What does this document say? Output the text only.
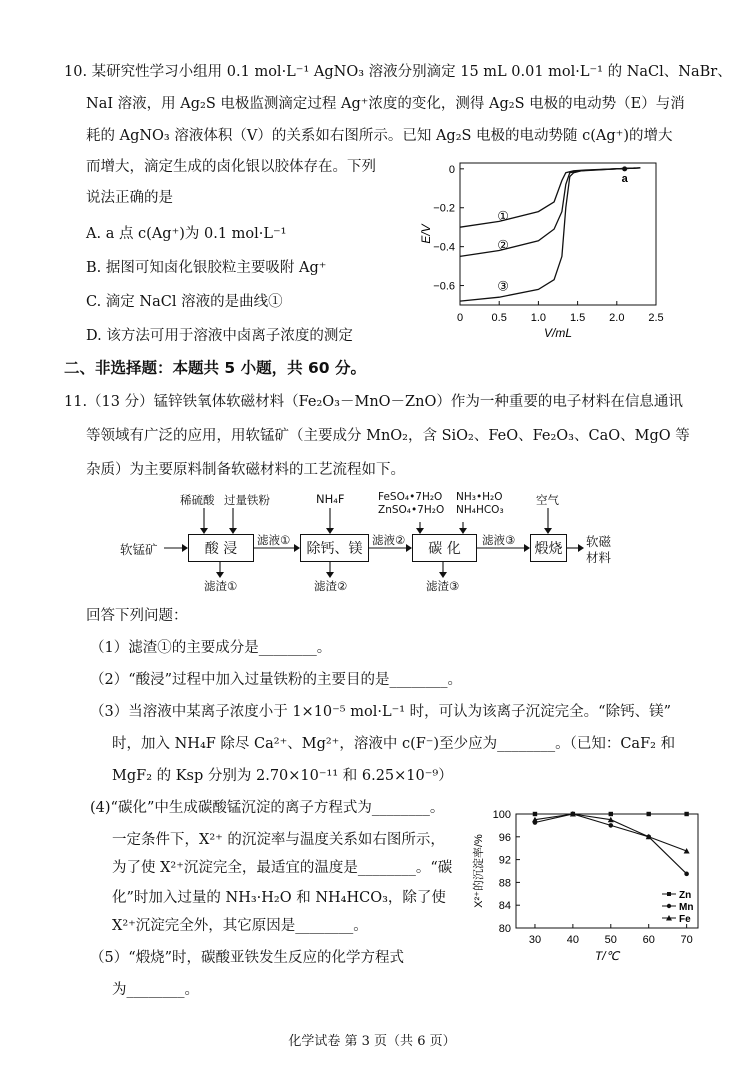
10. 某研究性学习小组用 0.1 mol·L⁻¹ AgNO₃ 溶液分别滴定 15 mL 0.01 mol·L⁻¹ 的 NaCl、NaBr、
NaI 溶液，用 Ag₂S 电极监测滴定过程 Ag⁺浓度的变化，测得 Ag₂S 电极的电动势（E）与消
耗的 AgNO₃ 溶液体积（V）的关系如右图所示。已知 Ag₂S 电极的电动势随 c(Ag⁺)的增大
而增大，滴定生成的卤化银以胶体存在。下列
说法正确的是
A. a 点 c(Ag⁺)为 0.1 mol·L⁻¹
B. 据图可知卤化银胶粒主要吸附 Ag⁺
C. 滴定 NaCl 溶液的是曲线①
D. 该方法可用于溶液中卤离子浓度的测定
0	0.5 1.0 1.5 2.0 2.5
0
−0.2
−0.4
−0.6
V/mL
E/V
①
②
③
a
二、非选择题：本题共 5 小题，共 60 分。
11.（13 分）锰锌铁氧体软磁材料（Fe₂O₃－MnO－ZnO）作为一种重要的电子材料在信息通讯
等领域有广泛的应用，用软锰矿（主要成分 MnO₂，含 SiO₂、FeO、Fe₂O₃、CaO、MgO 等
杂质）为主要原料制备软磁材料的工艺流程如下。
软锰矿
稀硫酸 过量铁粉
酸 浸
滤液①
滤渣①
NH₄F
除钙、镁
滤液②
滤渣②
FeSO₄•7H₂O
ZnSO₄•7H₂O
NH₃•H₂O
NH₄HCO₃
碳 化
滤液③
滤渣③
空气
煅烧	软磁
材料
回答下列问题：
（1）滤渣①的主要成分是________。
（2）“酸浸”过程中加入过量铁粉的主要目的是________。
（3）当溶液中某离子浓度小于 1×10⁻⁵ mol·L⁻¹ 时，可认为该离子沉淀完全。“除钙、镁”
时，加入 NH₄F 除尽 Ca²⁺、Mg²⁺，溶液中 c(F⁻)至少应为________。（已知：CaF₂ 和
MgF₂ 的 Ksp 分别为 2.70×10⁻¹¹ 和 6.25×10⁻⁹）
(4)“碳化”中生成碳酸锰沉淀的离子方程式为________。
一定条件下，X²⁺ 的沉淀率与温度关系如右图所示，
为了使 X²⁺沉淀完全，最适宜的温度是________。“碳
化”时加入过量的 NH₃·H₂O 和 NH₄HCO₃，除了使
X²⁺沉淀完全外，其它原因是________。
（5）“煅烧”时，碳酸亚铁发生反应的化学方程式
为________。
30 40 50 60 70
80
84
88
92
96
100
T/℃
X²⁺的沉淀率/%	Zn
Mn
Fe
化学试卷 第 3 页（共 6 页）
